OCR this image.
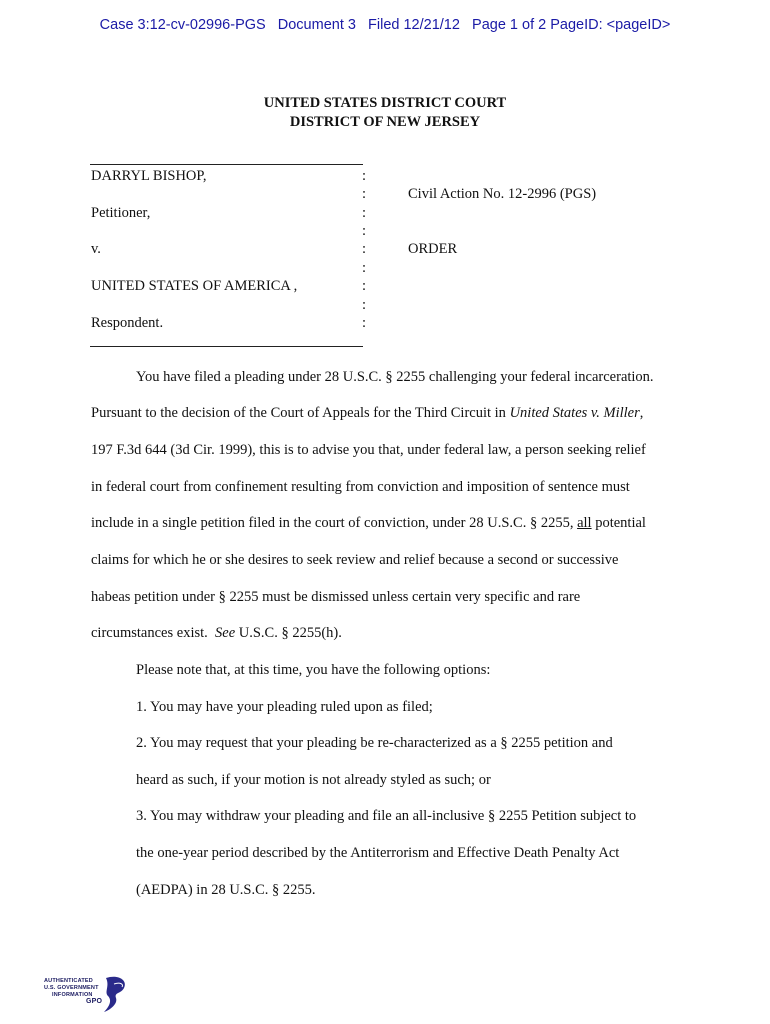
Case 3:12-cv-02996-PGS   Document 3   Filed 12/21/12   Page 1 of 2 PageID: <pageID>
UNITED STATES DISTRICT COURT
DISTRICT OF NEW JERSEY
DARRYL BISHOP,
Petitioner,
v.
UNITED STATES OF AMERICA ,
Respondent.
:
:
:
:
:
:
:
:
:
Civil Action No. 12-2996 (PGS)
ORDER
You have filed a pleading under 28 U.S.C. § 2255 challenging your federal incarceration.
Pursuant to the decision of the Court of Appeals for the Third Circuit in United States v. Miller,
197 F.3d 644 (3d Cir. 1999), this is to advise you that, under federal law, a person seeking relief
in federal court from confinement resulting from conviction and imposition of sentence must
include in a single petition filed in the court of conviction, under 28 U.S.C. § 2255, all potential
claims for which he or she desires to seek review and relief because a second or successive
habeas petition under § 2255 must be dismissed unless certain very specific and rare
circumstances exist.  See U.S.C. § 2255(h).
Please note that, at this time, you have the following options:
1. You may have your pleading ruled upon as filed;
2. You may request that your pleading be re-characterized as a § 2255 petition and
heard as such, if your motion is not already styled as such; or
3. You may withdraw your pleading and file an all-inclusive § 2255 Petition subject to
the one-year period described by the Antiterrorism and Effective Death Penalty Act
(AEDPA) in 28 U.S.C. § 2255.
AUTHENTICATED
U.S. GOVERNMENT
INFORMATION
GPO
